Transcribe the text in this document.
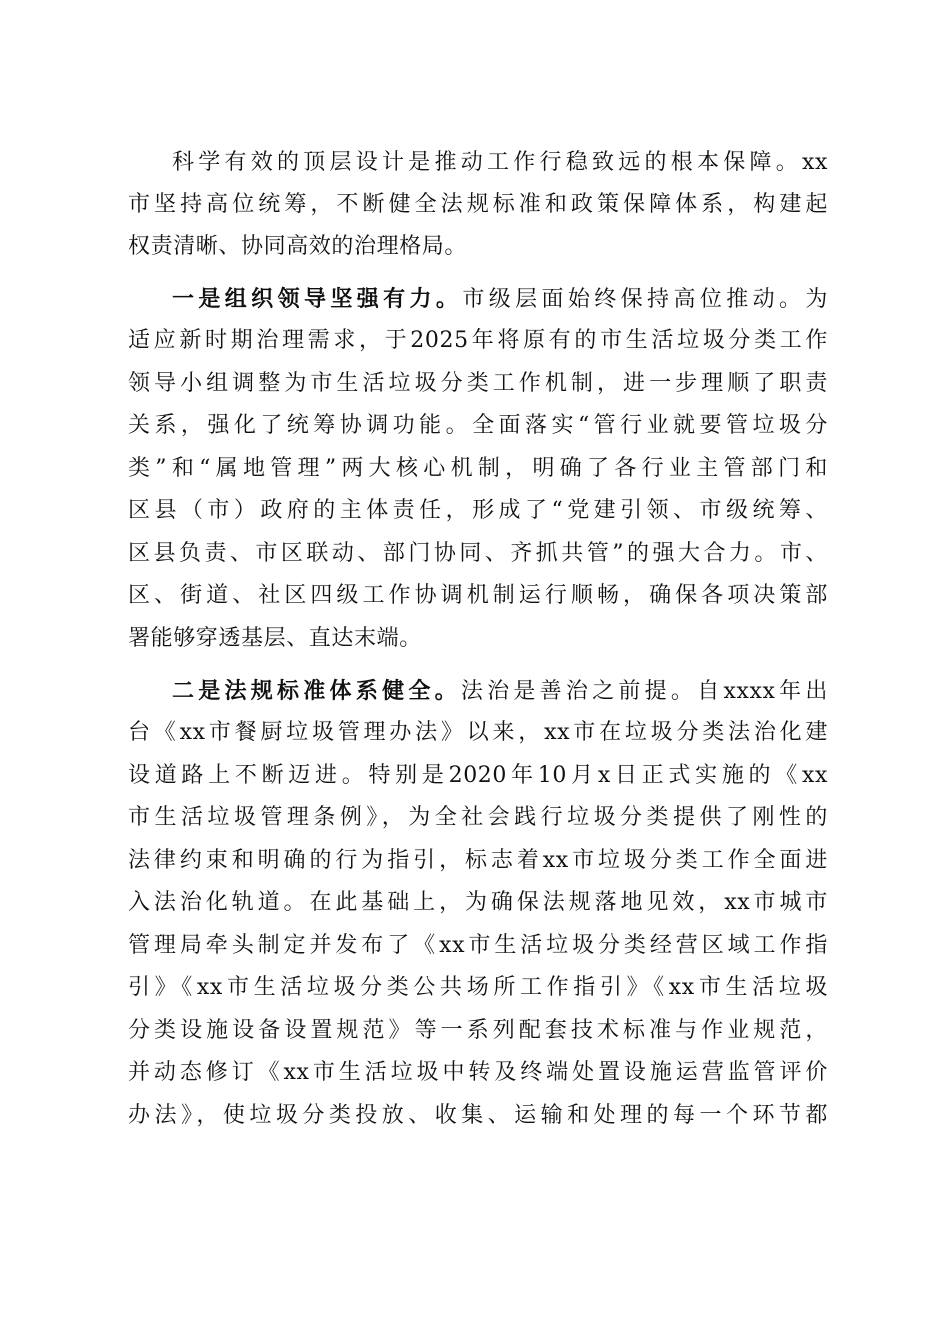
科学有效的顶层设计是推动工作行稳致远的根本保障。xx
市坚持高位统筹，不断健全法规标准和政策保障体系，构建起
权责清晰、协同高效的治理格局。
一是组织领导坚强有力。市级层面始终保持高位推动。为
适应新时期治理需求，于2025年将原有的市生活垃圾分类工作
领导小组调整为市生活垃圾分类工作机制，进一步理顺了职责
关系，强化了统筹协调功能。全面落实“管行业就要管垃圾分
类”和“属地管理”两大核心机制，明确了各行业主管部门和
区县（市）政府的主体责任，形成了“党建引领、市级统筹、
区县负责、市区联动、部门协同、齐抓共管”的强大合力。市、
区、街道、社区四级工作协调机制运行顺畅，确保各项决策部
署能够穿透基层、直达末端。
二是法规标准体系健全。法治是善治之前提。自xxxx年出
台《xx市餐厨垃圾管理办法》以来，xx市在垃圾分类法治化建
设道路上不断迈进。特别是2020年10月x日正式实施的《xx
市生活垃圾管理条例》，为全社会践行垃圾分类提供了刚性的
法律约束和明确的行为指引，标志着xx市垃圾分类工作全面进
入法治化轨道。在此基础上，为确保法规落地见效，xx市城市
管理局牵头制定并发布了《xx市生活垃圾分类经营区域工作指
引》《xx市生活垃圾分类公共场所工作指引》《xx市生活垃圾
分类设施设备设置规范》等一系列配套技术标准与作业规范，
并动态修订《xx市生活垃圾中转及终端处置设施运营监管评价
办法》，使垃圾分类投放、收集、运输和处理的每一个环节都
